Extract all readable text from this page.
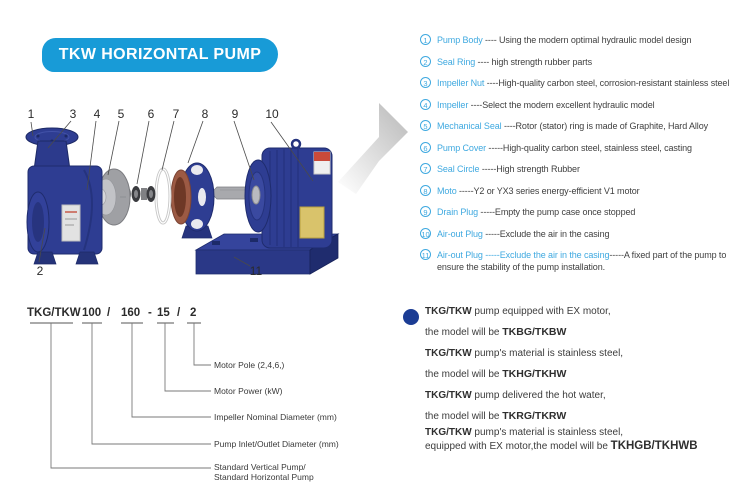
TKW HORIZONTAL PUMP
1	3 4 5 6 7 8 9 10
2	11
1	Pump Body ---- Using the modern optimal hydraulic model design
2	Seal Ring ---- high strength rubber parts
3	Impeller Nut ----High-quality carbon steel, corrosion-resistant stainless steel
4	Impeller ----Select the modern excellent hydraulic model
5	Mechanical Seal ----Rotor (stator) ring is made of Graphite, Hard Alloy
6	Pump Cover -----High-quality carbon steel, stainless steel, casting
7	Seal Circle -----High strength Rubber
8	Moto -----Y2 or YX3 series energy-efficient V1 motor
9	Drain Plug -----Empty the pump case once stopped
10 Air-out Plug -----Exclude the air in the casing
11 Air-out Plug -----Exclude the air in the casing-----A fixed part of the pump to ensure the stability of the pump installation.
TKG/TKW 100 / 160 - 15 / 2
Motor Pole (2,4,6,)
Motor Power (kW)
Impeller Nominal Diameter (mm)
Pump Inlet/Outlet Diameter (mm)
Standard Vertical Pump/
Standard Horizontal Pump
TKG/TKW pump equipped with EX motor,
the model will be TKBG/TKBW
TKG/TKW pump's material is stainless steel,
the model will be TKHG/TKHW
TKG/TKW pump delivered the hot water,
the model will be TKRG/TKRW
TKG/TKW pump's material is stainless steel,
equipped with EX motor,the model will be TKHGB/TKHWB
